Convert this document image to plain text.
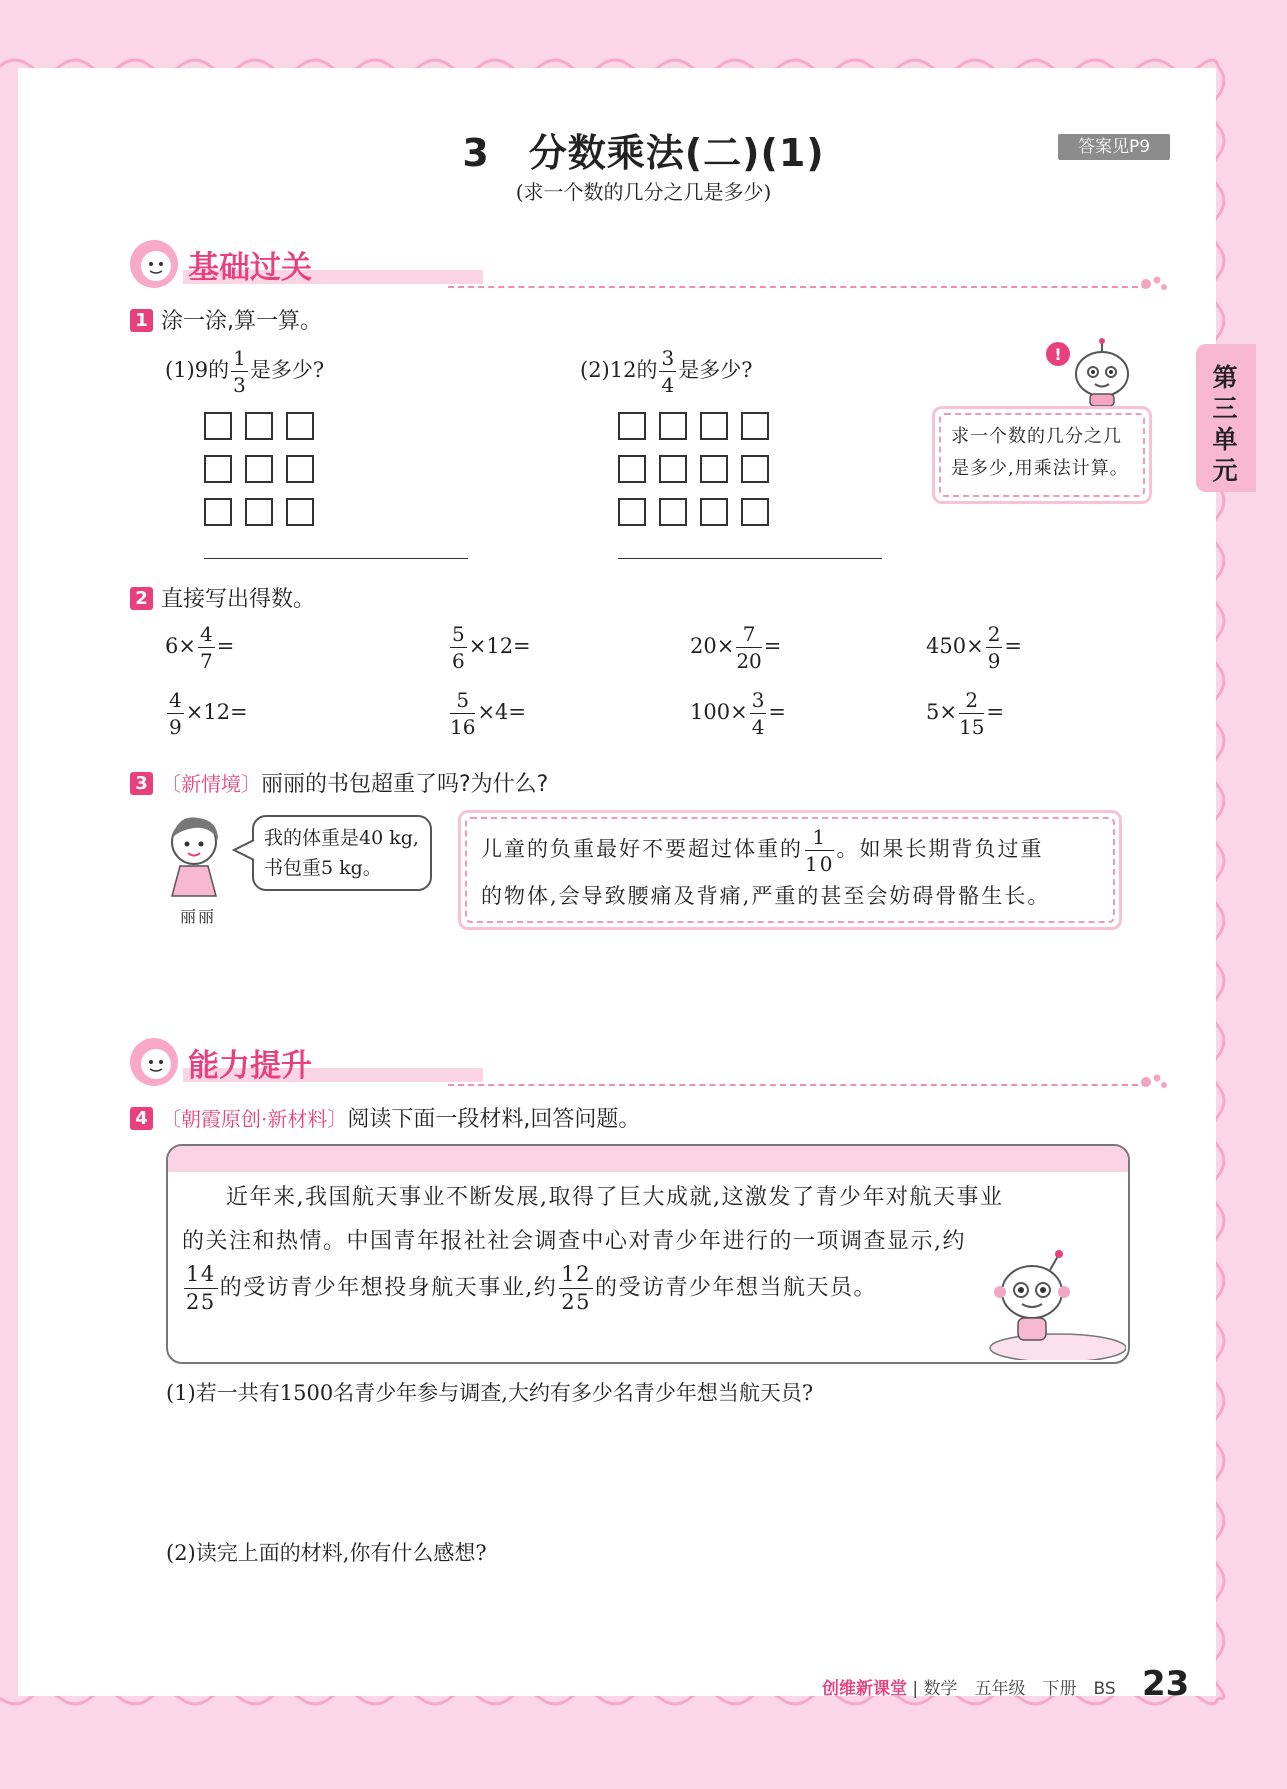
3　分数乘法(二)(1)
(求一个数的几分之几是多少)
答案见P9
第三单元
基础过关
1 涂一涂,算一算。
(1)9的 $\frac{1}{3}$ 是多少?	(2)12的 $\frac{3}{4}$ 是多少?
!
求一个数的几分之几是多少,用乘法计算。
2 直接写出得数。
$6\times \frac{4}{7}$ =	$\frac{5}{6} \times 12=$	$20\times \frac{7}{20}$ =	$450\times \frac{2}{9}$ =
$\frac{4}{9} \times 12=$	$\frac{5}{16} \times 4=$	$100\times \frac{3}{4}$ =	$5\times \frac{2}{15}$ =
3 〔新情境〕丽丽的书包超重了吗?为什么?
丽丽
我的体重是40 kg,
书包重5 kg。
儿童的负重最好不要超过体重的 $\frac{1}{10}$ 。如果长期背负过重
的物体,会导致腰痛及背痛,严重的甚至会妨碍骨骼生长。
能力提升
4 〔朝霞原创·新材料〕阅读下面一段材料,回答问题。
近年来,我国航天事业不断发展,取得了巨大成就,这激发了青少年对航天事业
的关注和热情。中国青年报社社会调查中心对青少年进行的一项调查显示,约
$\frac{14}{25}$ 的受访青少年想投身航天事业,约 $\frac{12}{25}$ 的受访青少年想当航天员。
(1)若一共有1500名青少年参与调查,大约有多少名青少年想当航天员?
(2)读完上面的材料,你有什么感想?
创维新课堂 | 数学　五年级　下册　BS 23
